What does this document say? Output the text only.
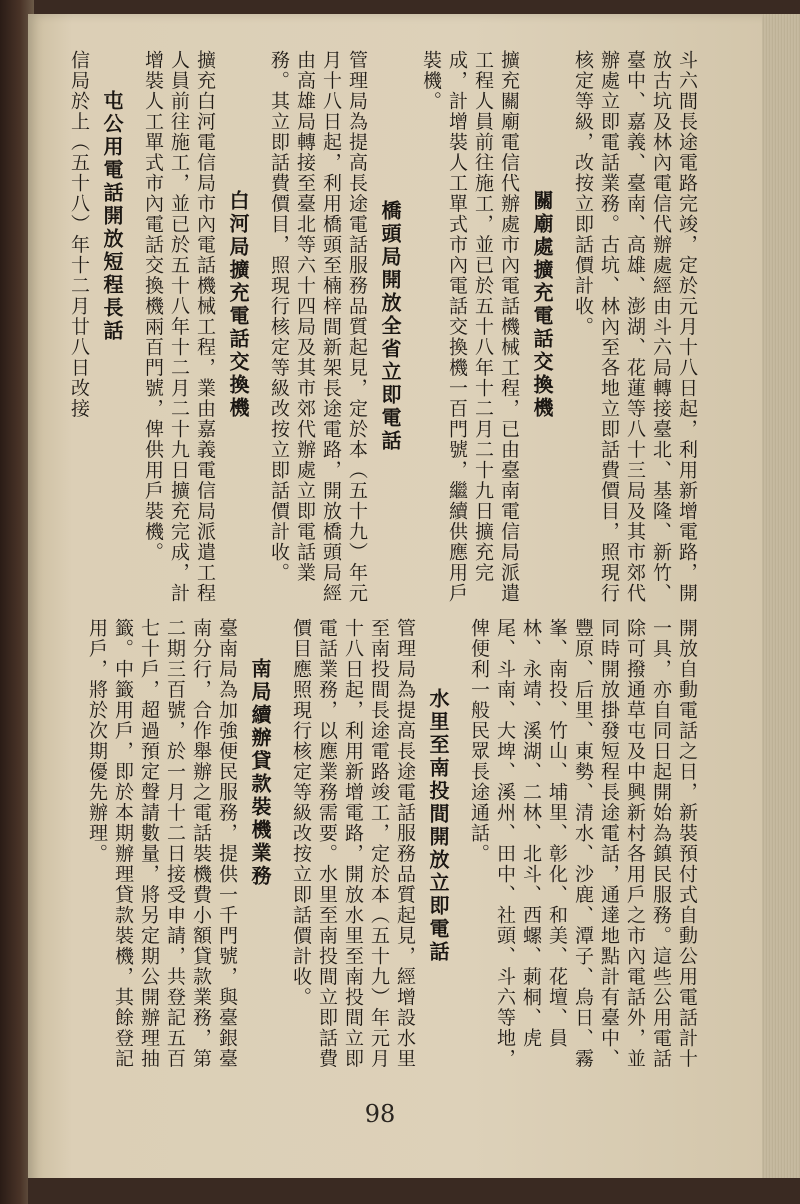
斗六間長途電路完竣，定於元月十八日起，利用新增電路，開放古坑及林內電信代辦處經由斗六局轉接臺北、基隆、新竹、臺中、嘉義、臺南、高雄、澎湖、花蓮等八十三局及其市郊代辦處立即電話業務。古坑、林內至各地立即話費價目，照現行核定等級，改按立即話價計收。

關廟處擴充電話交換機

擴充關廟電信代辦處市內電話機械工程，已由臺南電信局派遣工程人員前往施工，並已於五十八年十二月二十九日擴充完成，計增裝人工單式市內電話交換機一百門號，繼續供應用戶裝機。

橋頭局開放全省立即電話

管理局為提高長途電話服務品質起見，定於本（五十九）年元月十八日起，利用橋頭至楠梓間新架長途電路，開放橋頭局經由高雄局轉接至臺北等六十四局及其市郊代辦處立即電話業務。其立即話費價目，照現行核定等級改按立即話價計收。

白河局擴充電話交換機

擴充白河電信局市內電話機械工程，業由嘉義電信局派遣工程人員前往施工，並已於五十八年十二月二十九日擴充完成，計增裝人工單式市內電話交換機兩百門號，俾供用戶裝機。

屯公用電話開放短程長話

信局於上（五十八）年十二月廿八日改接

開放自動電話之日，新裝預付式自動公用電話計十一具，亦自同日起開始為鎮民服務。這些公用電話除可撥通草屯及中興新村各用戶之市內電話外，並同時開放掛發短程長途電話，通達地點計有臺中、豐原、后里、東勢、清水、沙鹿、潭子、烏日、霧峯、南投、竹山、埔里、彰化、和美、花壇、員林、永靖、溪湖、二林、北斗、西螺、莿桐、虎尾、斗南、大埤、溪州、田中、社頭、斗六等地，俾便利一般民眾長途通話。

水里至南投間開放立即電話

管理局為提高長途電話服務品質起見，經增設水里至南投間長途電路竣工，定於本（五十九）年元月十八日起，利用新增電路，開放水里至南投間立即電話業務，以應業務需要。水里至南投間立即話費價目應照現行核定等級改按立即話價計收。

南局續辦貸款裝機業務

臺南局為加強便民服務，提供一千門號，與臺銀臺南分行，合作舉辦之電話裝機費小額貸款業務，第二期三百號，於一月十二日接受申請，共登記五百七十戶，超過預定聲請數量，將另定期公開辦理抽籤。中籤用戶，即於本期辦理貸款裝機，其餘登記用戶，將於次期優先辦理。

98
